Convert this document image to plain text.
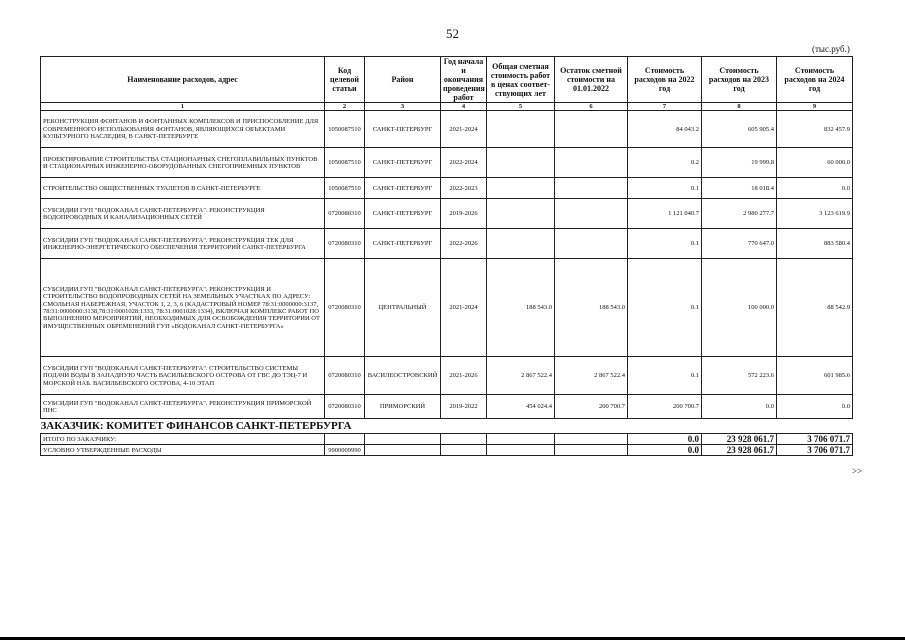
52
(тыс.руб.)
Наименование расходов, адрес	Код целевой статьи	Район	Год начала и окончания проведения работ	Общая сметная стоимость работ в ценах соответ-ствующих лет	Остаток сметной стоимости на 01.01.2022	Стоимость расходов на 2022 год	Стоимость расходов на 2023 год	Стоимость расходов на 2024 год
1	2	3	4	5	6	7	8	9
РЕКОНСТРУКЦИЯ ФОНТАНОВ И ФОНТАННЫХ КОМПЛЕКСОВ И ПРИСПОСОБЛЕНИЕ ДЛЯ СОВРЕМЕННОГО ИСПОЛЬЗОВАНИЯ ФОНТАНОВ, ЯВЛЯЮЩИХСЯ ОБЪЕКТАМИ КУЛЬТУРНОГО НАСЛЕДИЯ, В САНКТ-ПЕТЕРБУРГЕ	1050087510	САНКТ-ПЕТЕРБУРГ	2021-2024			84 043.2	605 905.4	832 457.9
ПРОЕКТИРОВАНИЕ СТРОИТЕЛЬСТВА СТАЦИОНАРНЫХ СНЕГОПЛАВИЛЬНЫХ ПУНКТОВ И СТАЦИОНАРНЫХ ИНЖЕНЕРНО-ОБОРУДОВАННЫХ СНЕГОПРИЕМНЫХ ПУНКТОВ	1050087510	САНКТ-ПЕТЕРБУРГ	2022-2024			0.2	19 999.8	60 000.0
СТРОИТЕЛЬСТВО ОБЩЕСТВЕННЫХ ТУАЛЕТОВ В САНКТ-ПЕТЕРБУРГЕ	1050087510	САНКТ-ПЕТЕРБУРГ	2022-2023			0.1	18 018.4	0.0
СУБСИДИИ ГУП "ВОДОКАНАЛ САНКТ-ПЕТЕРБУРГА". РЕКОНСТРУКЦИЯ ВОДОПРОВОДНЫХ И КАНАЛИЗАЦИОННЫХ СЕТЕЙ	0720080310	САНКТ-ПЕТЕРБУРГ	2019-2026			1 121 040.7	2 980 277.7	3 123 619.9
СУБСИДИИ ГУП "ВОДОКАНАЛ САНКТ-ПЕТЕРБУРГА". РЕКОНСТРУКЦИЯ ТЕК ДЛЯ ИНЖЕНЕРНО-ЭНЕРГЕТИЧЕСКОГО ОБЕСПЕЧЕНИЯ ТЕРРИТОРИЙ САНКТ-ПЕТЕРБУРГА	0720080310	САНКТ-ПЕТЕРБУРГ	2022-2026			0.1	770 647.0	883 580.4
СУБСИДИИ ГУП "ВОДОКАНАЛ САНКТ-ПЕТЕРБУРГА". РЕКОНСТРУКЦИЯ И СТРОИТЕЛЬСТВО ВОДОПРОВОДНЫХ СЕТЕЙ НА ЗЕМЕЛЬНЫХ УЧАСТКАХ ПО АДРЕСУ: СМОЛЬНАЯ НАБЕРЕЖНАЯ, УЧАСТОК 1, 2, 3, 6 (КАДАСТРОВЫЙ НОМЕР 78:31:0000000:3137, 78:31:0000000:3138,78:31:0001028:1333, 78:31:0001028:1334), ВКЛЮЧАЯ КОМПЛЕКС РАБОТ ПО ВЫПОЛНЕНИЮ МЕРОПРИЯТИЙ, НЕОБХОДИМЫХ ДЛЯ ОСВОБОЖДЕНИЯ ТЕРРИТОРИИ ОТ ИМУЩЕСТВЕННЫХ ОБРЕМЕНЕНИЙ ГУП «ВОДОКАНАЛ САНКТ-ПЕТЕРБУРГА»	0720080310	ЦЕНТРАЛЬНЫЙ	2021-2024	188 543.0	188 543.0	0.1	100 000.0	88 542.9
СУБСИДИИ ГУП "ВОДОКАНАЛ САНКТ-ПЕТЕРБУРГА". СТРОИТЕЛЬСТВО СИСТЕМЫ ПОДАЧИ ВОДЫ В ЗАПАДНУЮ ЧАСТЬ ВАСИЛЬЕВСКОГО ОСТРОВА ОТ ГВС ДО ТЭЦ-7 И МОРСКОЙ НАБ. ВАСИЛЬЕВСКОГО ОСТРОВА, 4-10 ЭТАП	0720080310	ВАСИЛЕОСТРОВСКИЙ	2021-2026	2 867 522.4	2 867 522.4	0.1	572 223.6	601 985.6
СУБСИДИИ ГУП "ВОДОКАНАЛ САНКТ-ПЕТЕРБУРГА". РЕКОНСТРУКЦИЯ ПРИМОРСКОЙ ПНС	0720080310	ПРИМОРСКИЙ	2019-2022	454 024.4	200 700.7	200 700.7	0.0	0.0
ЗАКАЗЧИК: КОМИТЕТ ФИНАНСОВ САНКТ-ПЕТЕРБУРГА								
ИТОГО ПО ЗАКАЗЧИКУ:						0.0	23 928 061.7	3 706 071.7
УСЛОВНО УТВЕРЖДЕННЫЕ РАСХОДЫ	9900009990					0.0	23 928 061.7	3 706 071.7
>>
